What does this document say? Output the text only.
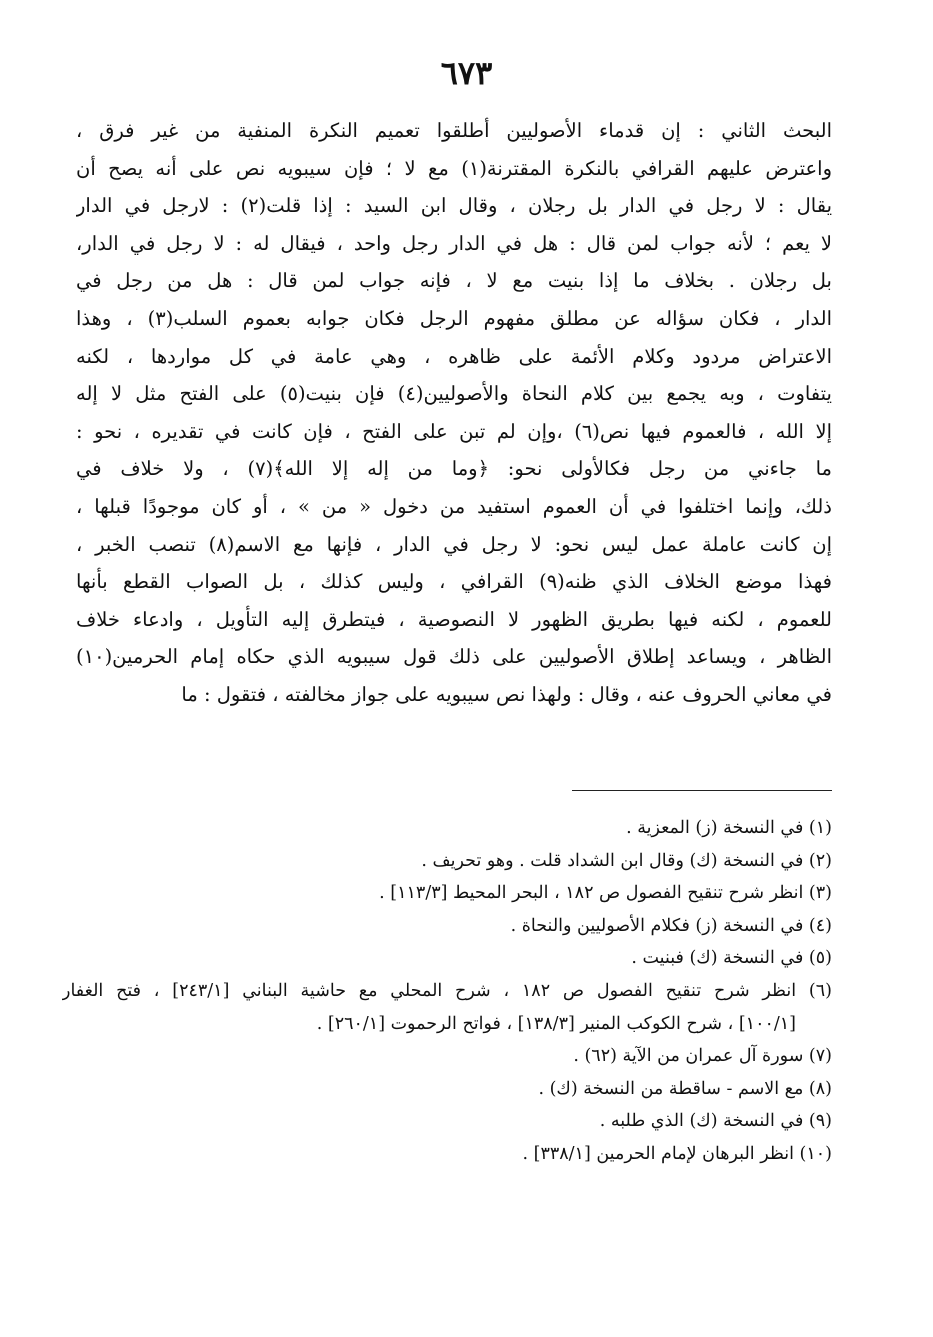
٦٧٣
البحث الثاني : إن قدماء الأصوليين أطلقوا تعميم النكرة المنفية من غير فرق ،
واعترض عليهم القرافي بالنكرة المقترنة(١) مع لا ؛ فإن سيبويه نص على أنه يصح أن
يقال : لا رجل في الدار بل رجلان ، وقال ابن السيد : إذا قلت(٢) : لارجل في الدار
لا يعم ؛ لأنه جواب لمن قال : هل في الدار رجل واحد ، فيقال له : لا رجل في الدار،
بل رجلان . بخلاف ما إذا بنيت مع لا ، فإنه جواب لمن قال : هل من رجل في
الدار ، فكان سؤاله عن مطلق مفهوم الرجل فكان جوابه بعموم السلب(٣) ، وهذا
الاعتراض مردود وكلام الأئمة على ظاهره ، وهي عامة في كل مواردها ، لكنه
يتفاوت ، وبه يجمع بين كلام النحاة والأصوليين(٤) فإن بنيت(٥) على الفتح مثل لا إله
إلا الله ، فالعموم فيها نص(٦) ،وإن لم تبن على الفتح ، فإن كانت في تقديره ، نحو :
ما جاءني من رجل فكالأولى نحو: ﴿وما من إله إلا الله﴾(٧) ، ولا خلاف في
ذلك، وإنما اختلفوا في أن العموم استفيد من دخول « من » ، أو كان موجودًا قبلها ،
إن كانت عاملة عمل ليس نحو: لا رجل في الدار ، فإنها مع الاسم(٨) تنصب الخبر ،
فهذا موضع الخلاف الذي ظنه(٩) القرافي ، وليس كذلك ، بل الصواب القطع بأنها
للعموم ، لكنه فيها بطريق الظهور لا النصوصية ، فيتطرق إليه التأويل ، وادعاء خلاف
الظاهر ، ويساعد إطلاق الأصوليين على ذلك قول سيبويه الذي حكاه إمام الحرمين(١٠)
في معاني الحروف عنه ، وقال : ولهذا نص سيبويه على جواز مخالفته ، فتقول : ما
(١) في النسخة (ز) المعزية .
(٢) في النسخة (ك) وقال ابن الشداد قلت . وهو تحريف .
(٣) انظر شرح تنقيح الفصول ص ١٨٢ ، البحر المحيط [١١٣/٣] .
(٤) في النسخة (ز) فكلام الأصوليين والنحاة .
(٥) في النسخة (ك) فبنيت .
(٦) انظر شرح تنقيح الفصول ص ١٨٢ ، شرح المحلي مع حاشية البناني [٢٤٣/١] ، فتح الغفار
[١٠٠/١] ، شرح الكوكب المنير [١٣٨/٣] ، فواتح الرحموت [٢٦٠/١] .
(٧) سورة آل عمران من الآية (٦٢) .
(٨) مع الاسم - ساقطة من النسخة (ك) .
(٩) في النسخة (ك) الذي طلبه .
(١٠) انظر البرهان لإمام الحرمين [٣٣٨/١] .
